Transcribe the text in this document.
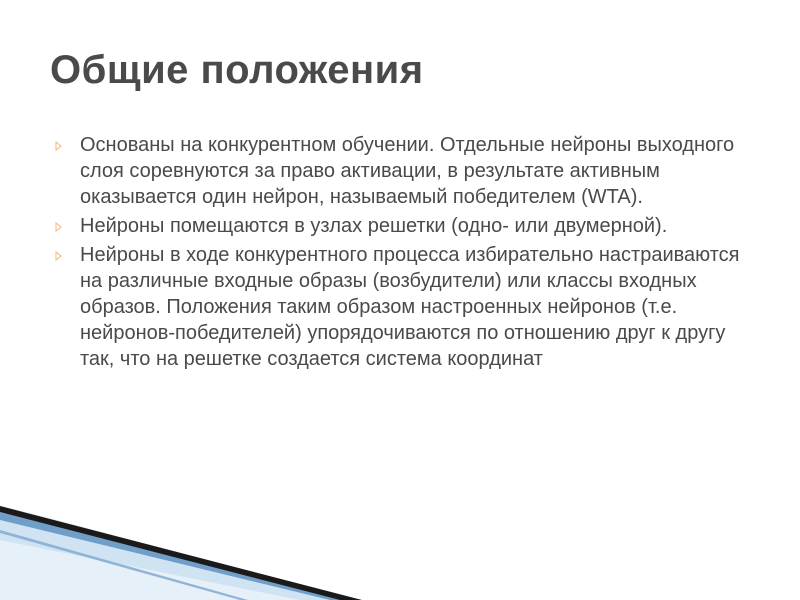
Общие положения
Основаны на конкурентном обучении. Отдельные нейроны выходного слоя соревнуются за право активации, в результате активным оказывается один нейрон, называемый победителем (WTA).
Нейроны помещаются в узлах решетки (одно- или двумерной).
Нейроны в ходе конкурентного процесса избирательно настраиваются на различные входные образы (возбудители) или классы входных образов. Положения таким образом настроенных нейронов (т.е. нейронов-победителей) упорядочиваются по отношению друг к другу так, что на решетке создается система координат
